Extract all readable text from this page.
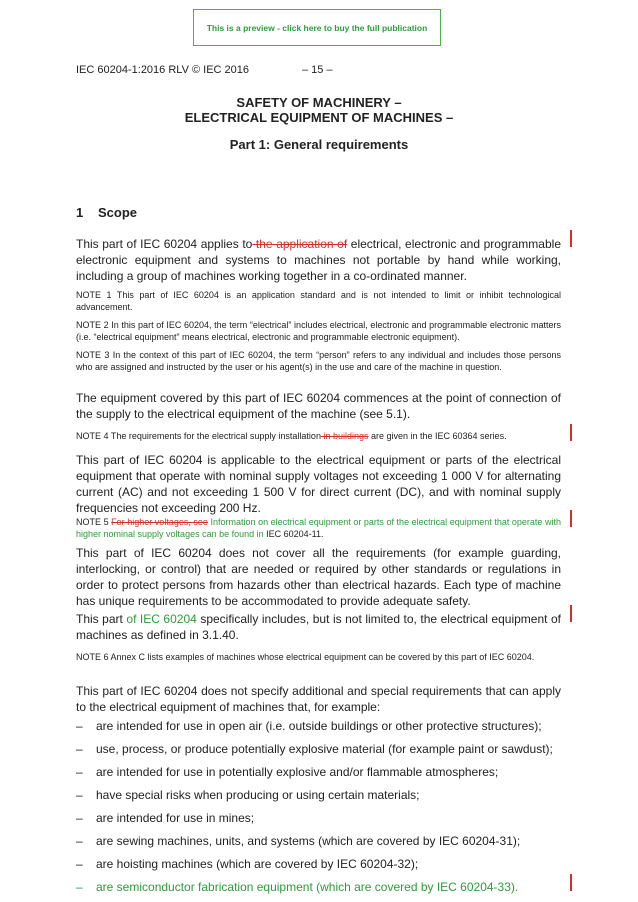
This is a preview - click here to buy the full publication
IEC 60204-1:2016 RLV © IEC 2016	– 15 –
SAFETY OF MACHINERY –
ELECTRICAL EQUIPMENT OF MACHINES –
Part 1: General requirements
1 Scope
This part of IEC 60204 applies to the application of electrical, electronic and programmable electronic equipment and systems to machines not portable by hand while working, including a group of machines working together in a co-ordinated manner.
NOTE 1 This part of IEC 60204 is an application standard and is not intended to limit or inhibit technological advancement.
NOTE 2 In this part of IEC 60204, the term “electrical” includes electrical, electronic and programmable electronic matters (i.e. “electrical equipment” means electrical, electronic and programmable electronic equipment).
NOTE 3 In the context of this part of IEC 60204, the term “person” refers to any individual and includes those persons who are assigned and instructed by the user or his agent(s) in the use and care of the machine in question.
The equipment covered by this part of IEC 60204 commences at the point of connection of the supply to the electrical equipment of the machine (see 5.1).
NOTE 4 The requirements for the electrical supply installation in buildings are given in the IEC 60364 series.
This part of IEC 60204 is applicable to the electrical equipment or parts of the electrical equipment that operate with nominal supply voltages not exceeding 1 000 V for alternating current (AC) and not exceeding 1 500 V for direct current (DC), and with nominal supply frequencies not exceeding 200 Hz.
NOTE 5 For higher voltages, see Information on electrical equipment or parts of the electrical equipment that operate with higher nominal supply voltages can be found in IEC 60204-11.
This part of IEC 60204 does not cover all the requirements (for example guarding, interlocking, or control) that are needed or required by other standards or regulations in order to protect persons from hazards other than electrical hazards. Each type of machine has unique requirements to be accommodated to provide adequate safety.
This part of IEC 60204 specifically includes, but is not limited to, the electrical equipment of machines as defined in 3.1.40.
NOTE 6 Annex C lists examples of machines whose electrical equipment can be covered by this part of IEC 60204.
This part of IEC 60204 does not specify additional and special requirements that can apply to the electrical equipment of machines that, for example:
– are intended for use in open air (i.e. outside buildings or other protective structures);
– use, process, or produce potentially explosive material (for example paint or sawdust);
– are intended for use in potentially explosive and/or flammable atmospheres;
– have special risks when producing or using certain materials;
– are intended for use in mines;
– are sewing machines, units, and systems (which are covered by IEC 60204-31);
– are hoisting machines (which are covered by IEC 60204-32);
– are semiconductor fabrication equipment (which are covered by IEC 60204-33).
